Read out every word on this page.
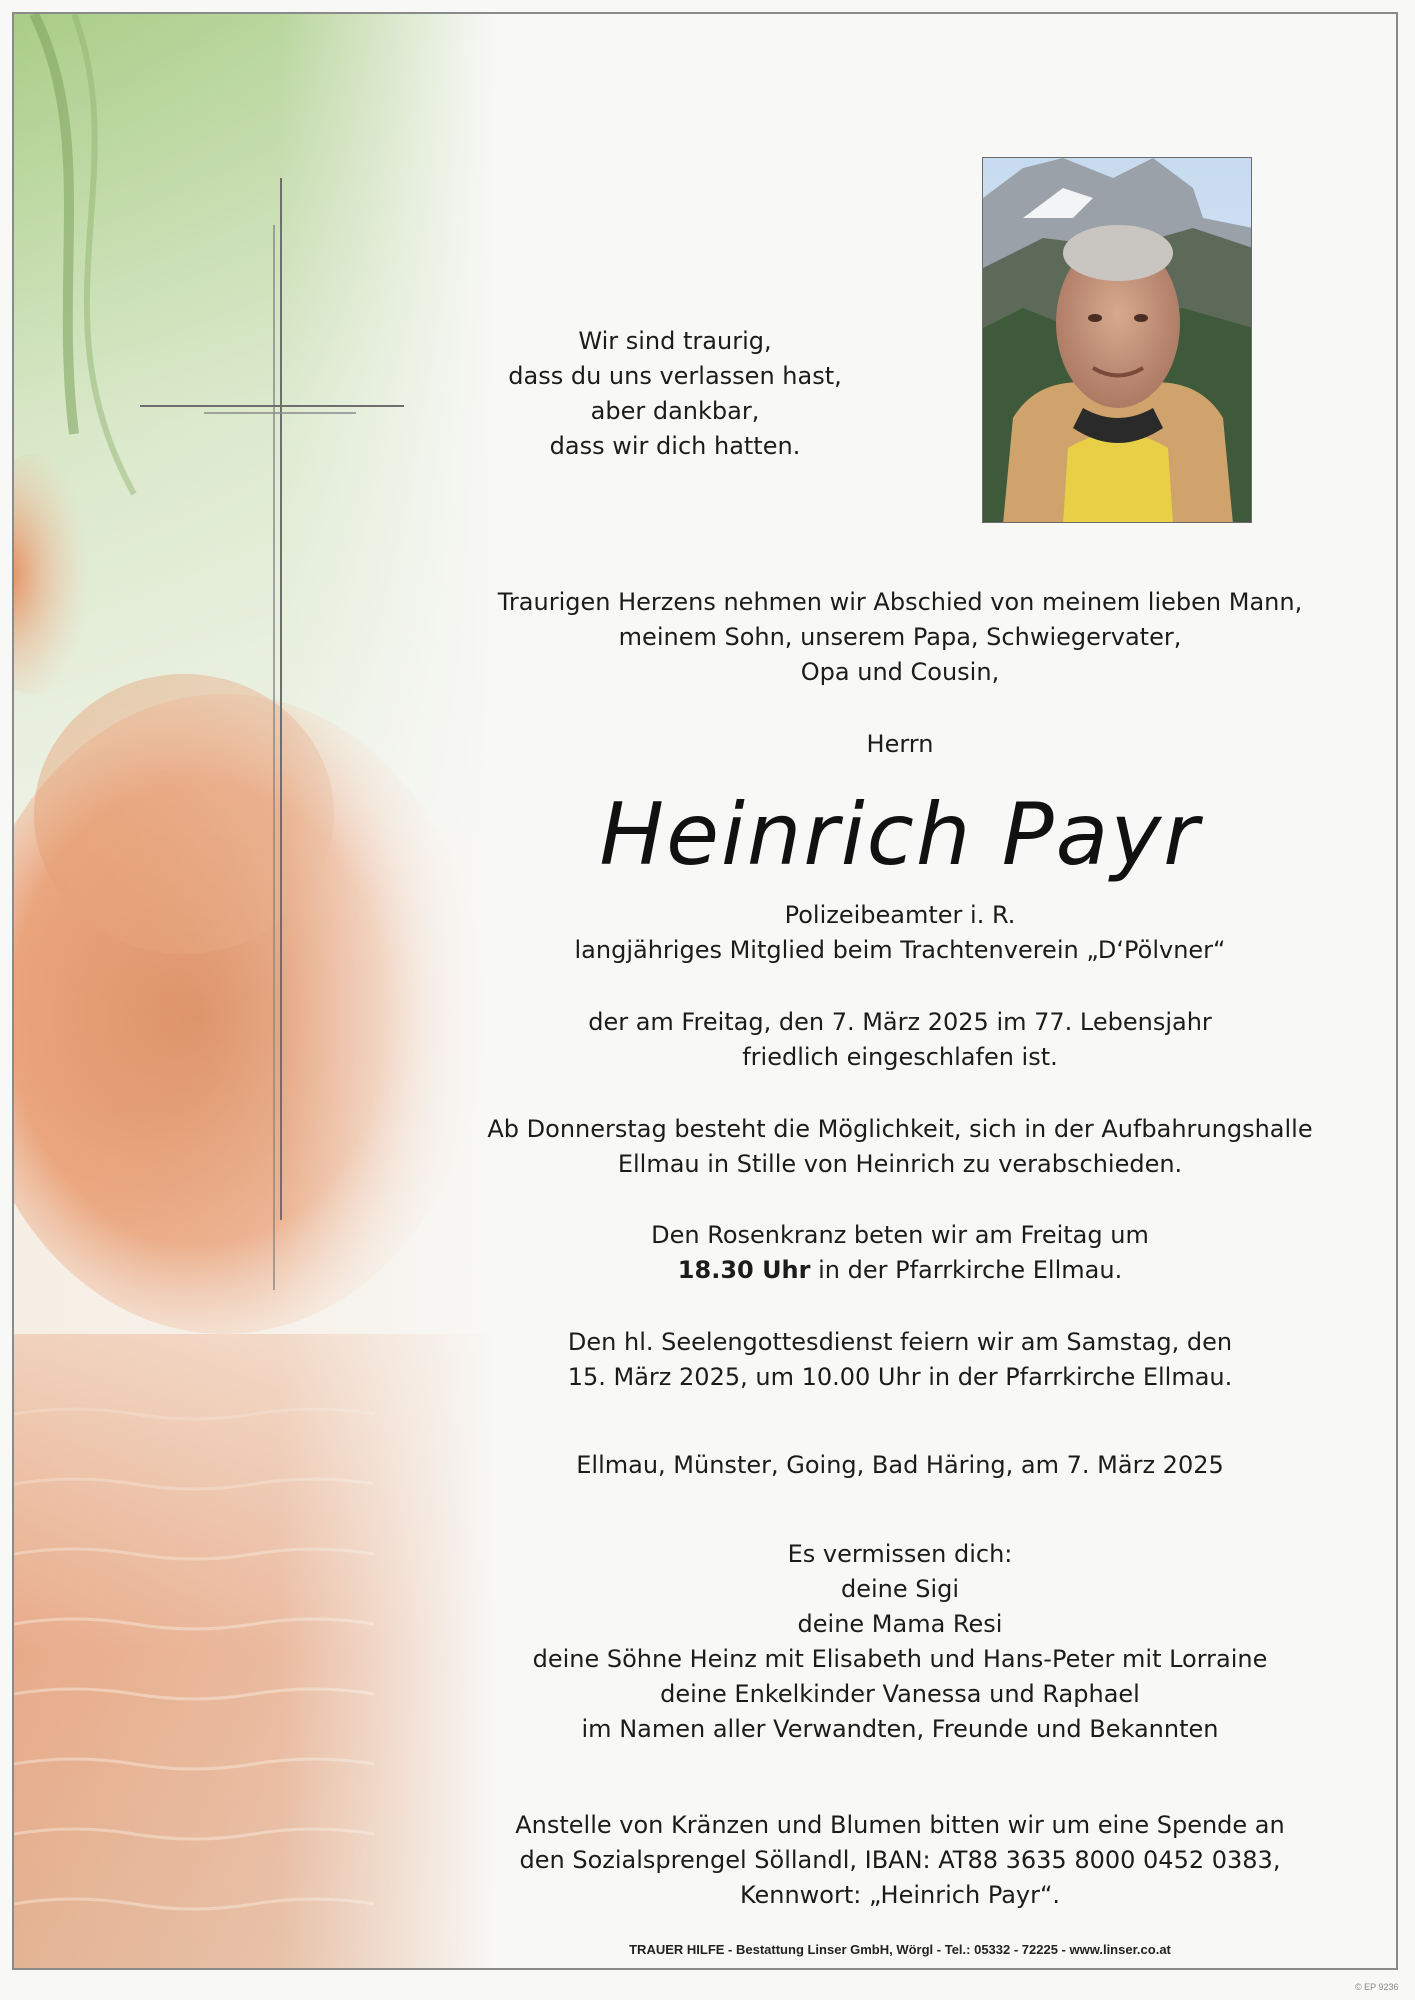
Wir sind traurig,
dass du uns verlassen hast,
aber dankbar,
dass wir dich hatten.
Traurigen Herzens nehmen wir Abschied von meinem lieben Mann,
meinem Sohn, unserem Papa, Schwiegervater,
Opa und Cousin,
Herrn
Heinrich Payr
Polizeibeamter i. R.
langjähriges Mitglied beim Trachtenverein „D‘Pölvner“
der am Freitag, den 7. März 2025 im 77. Lebensjahr
friedlich eingeschlafen ist.
Ab Donnerstag besteht die Möglichkeit, sich in der Aufbahrungshalle
Ellmau in Stille von Heinrich zu verabschieden.
Den Rosenkranz beten wir am Freitag um
18.30 Uhr in der Pfarrkirche Ellmau.
Den hl. Seelengottesdienst feiern wir am Samstag, den
15. März 2025, um 10.00 Uhr in der Pfarrkirche Ellmau.
Ellmau, Münster, Going, Bad Häring, am 7. März 2025
Es vermissen dich:
deine Sigi
deine Mama Resi
deine Söhne Heinz mit Elisabeth und Hans-Peter mit Lorraine
deine Enkelkinder Vanessa und Raphael
im Namen aller Verwandten, Freunde und Bekannten
Anstelle von Kränzen und Blumen bitten wir um eine Spende an
den Sozialsprengel Söllandl, IBAN: AT88 3635 8000 0452 0383,
Kennwort: „Heinrich Payr“.
TRAUER HILFE - Bestattung Linser GmbH, Wörgl - Tel.: 05332 - 72225 - www.linser.co.at
© EP 9236
